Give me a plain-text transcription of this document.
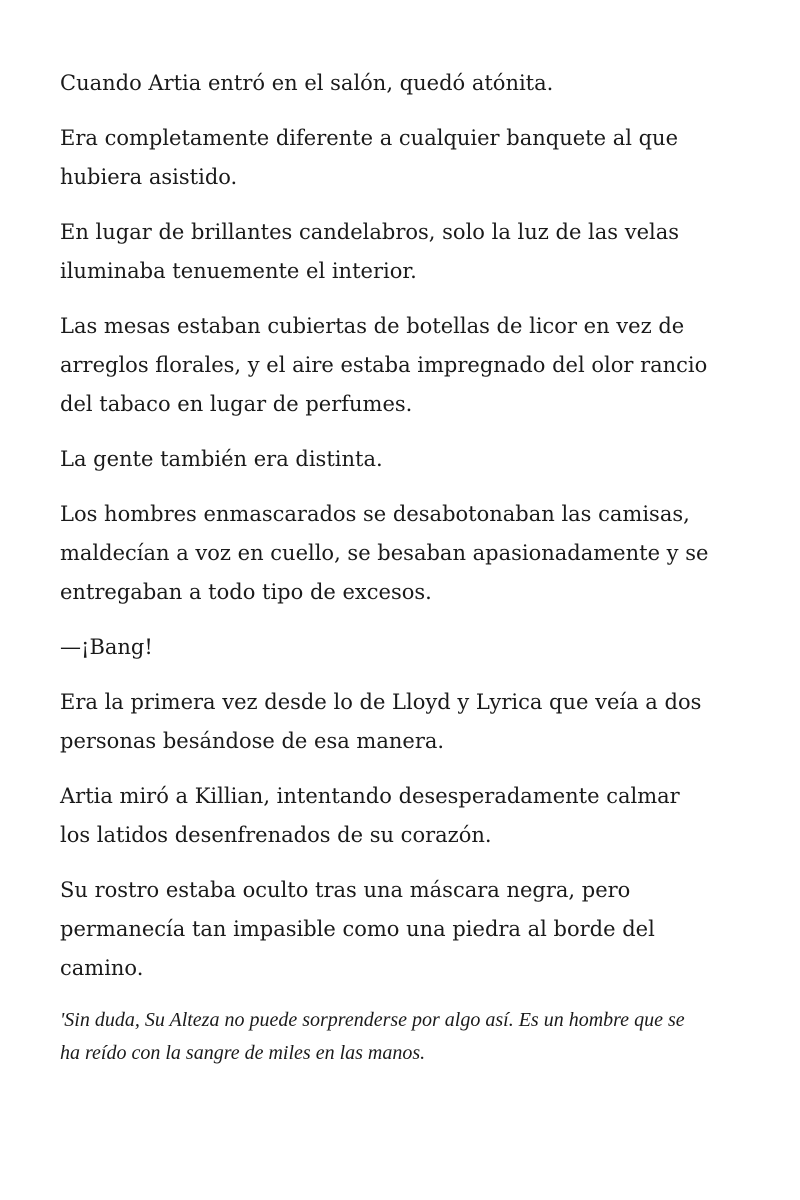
Cuando Artia entró en el salón, quedó atónita.

Era completamente diferente a cualquier banquete al que
hubiera asistido.

En lugar de brillantes candelabros, solo la luz de las velas
iluminaba tenuemente el interior.

Las mesas estaban cubiertas de botellas de licor en vez de
arreglos florales, y el aire estaba impregnado del olor rancio
del tabaco en lugar de perfumes.

La gente también era distinta.

Los hombres enmascarados se desabotonaban las camisas,
maldecían a voz en cuello, se besaban apasionadamente y se
entregaban a todo tipo de excesos.

—¡Bang!

Era la primera vez desde lo de Lloyd y Lyrica que veía a dos
personas besándose de esa manera.

Artia miró a Killian, intentando desesperadamente calmar
los latidos desenfrenados de su corazón.

Su rostro estaba oculto tras una máscara negra, pero
permanecía tan impasible como una piedra al borde del
camino.

'Sin duda, Su Alteza no puede sorprenderse por algo así. Es un hombre que se
ha reído con la sangre de miles en las manos.
